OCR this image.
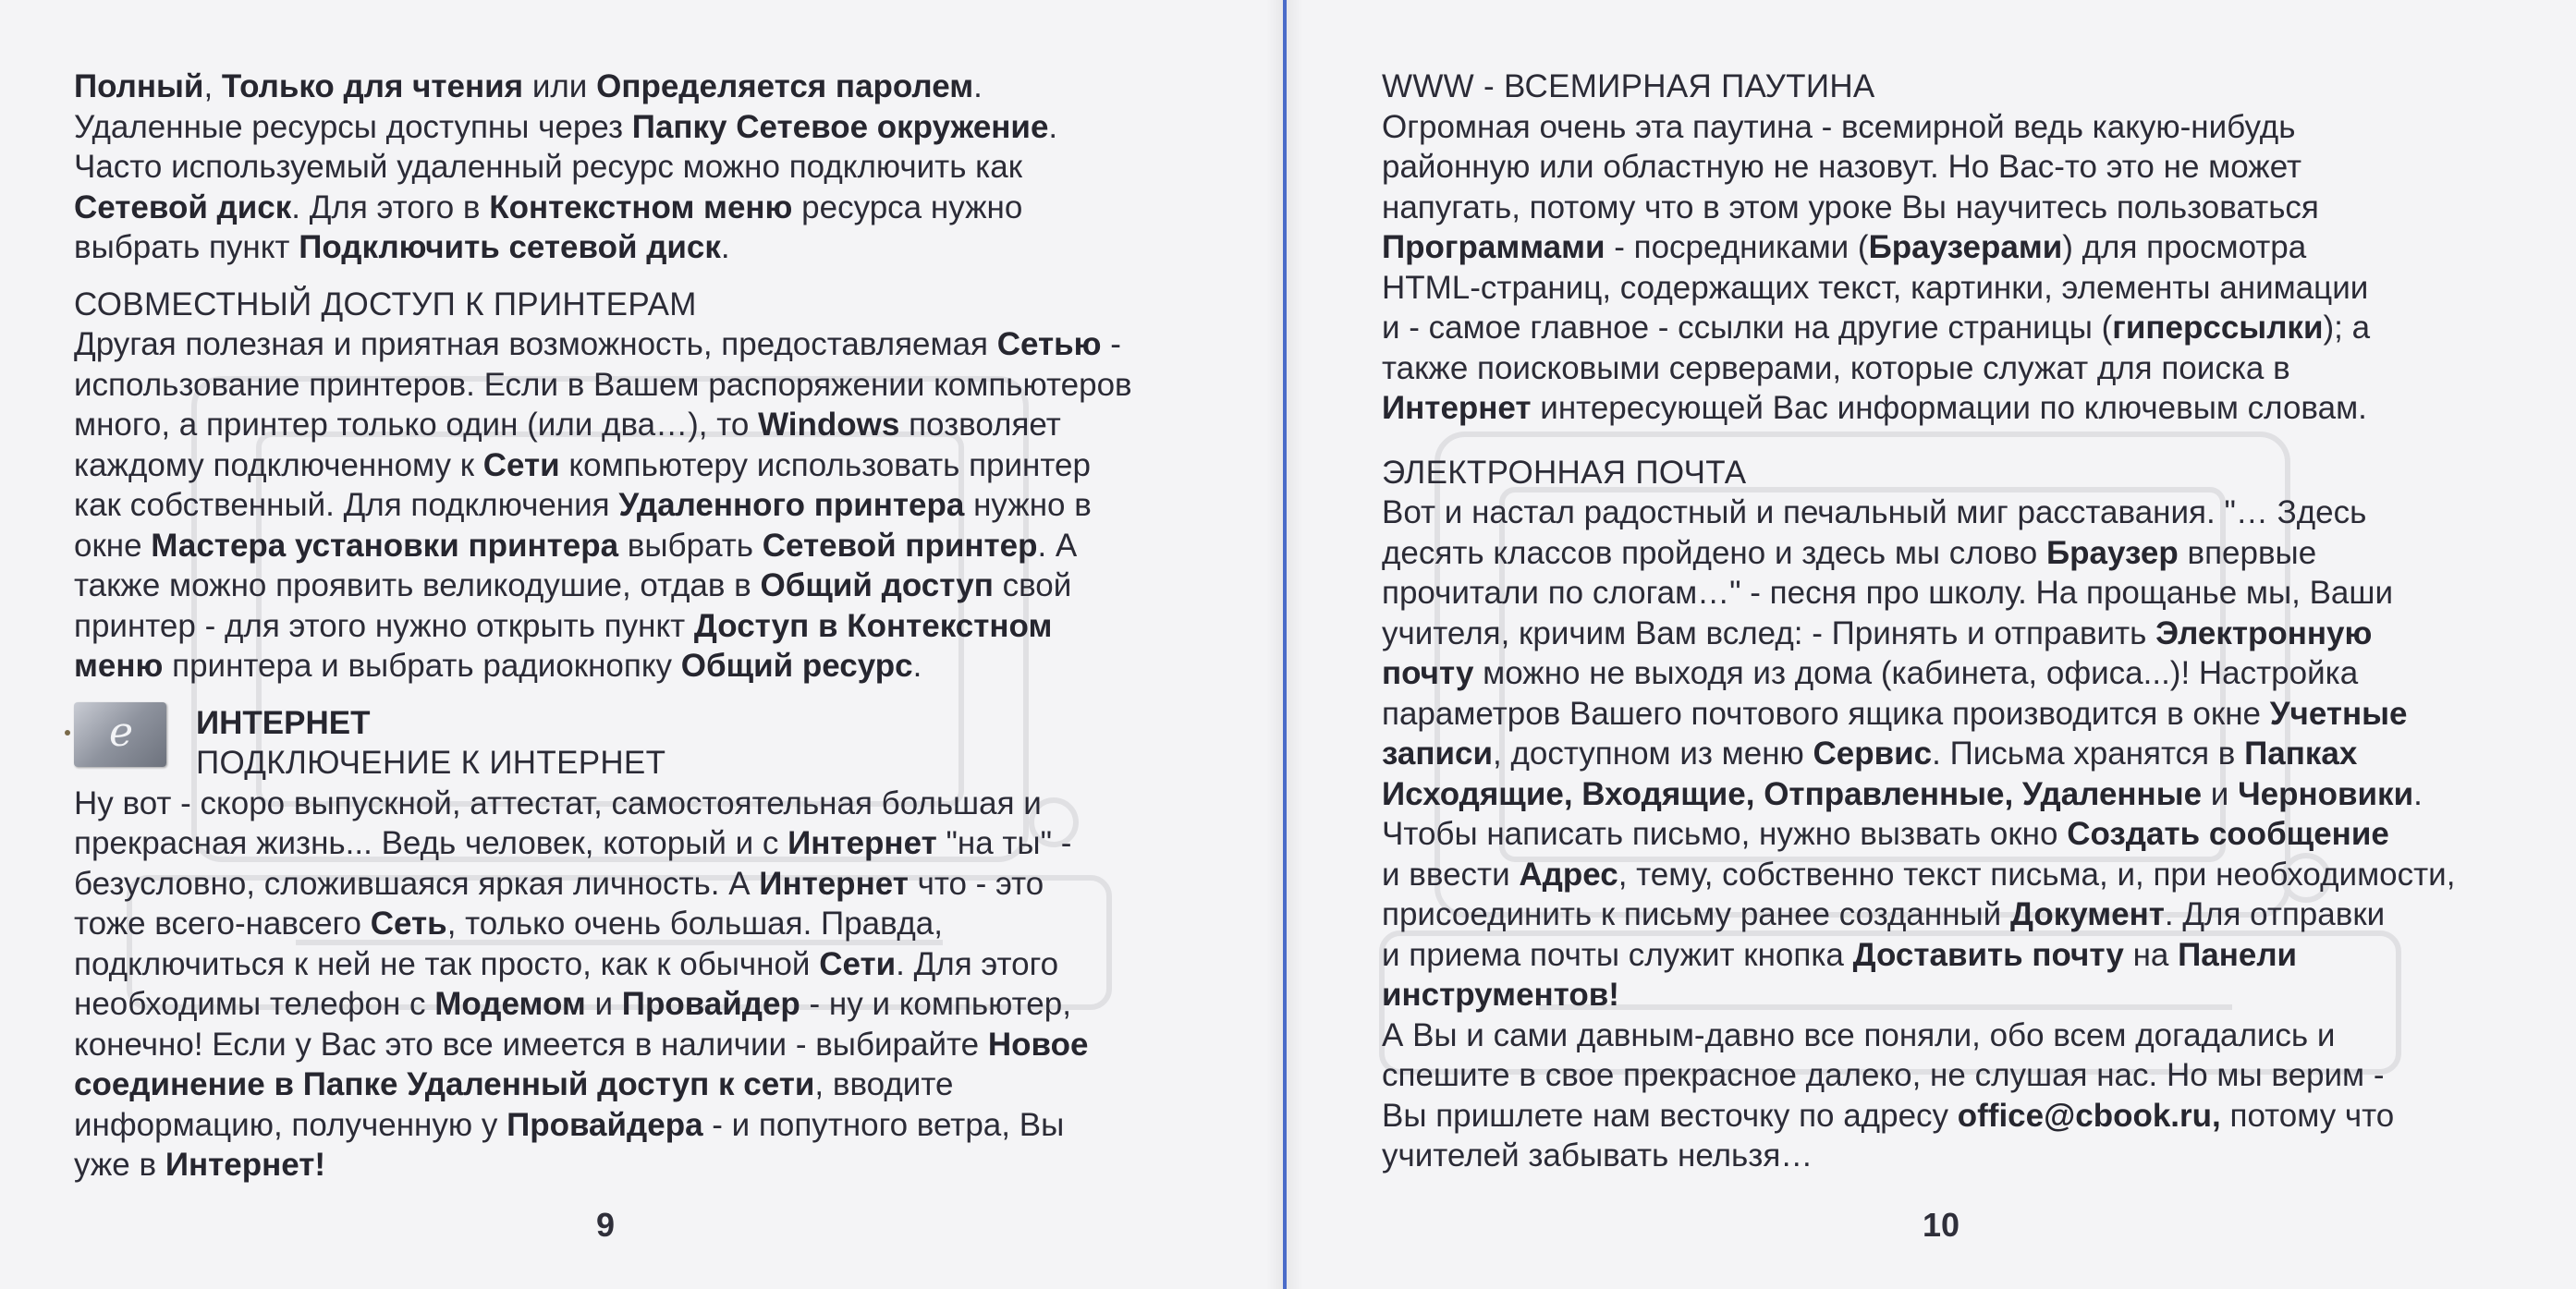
Полный, Только для чтения или Определяется паролем.
Удаленные ресурсы доступны через Папку Сетевое окружение.
Часто используемый удаленный ресурс можно подключить как
Сетевой диск. Для этого в Контекстном меню ресурса нужно
выбрать пункт Подключить сетевой диск.
СОВМЕСТНЫЙ ДОСТУП К ПРИНТЕРАМ
Другая полезная и приятная возможность, предоставляемая Сетью -
использование принтеров. Если в Вашем распоряжении компьютеров
много, а принтер только один (или два…), то Windows позволяет
каждому подключенному к Сети компьютеру использовать принтер
как собственный. Для подключения Удаленного принтера нужно в
окне Мастера установки принтера выбрать Сетевой принтер. А
также можно проявить великодушие, отдав в Общий доступ свой
принтер - для этого нужно открыть пункт Доступ в Контекстном
меню принтера и выбрать радиокнопку Общий ресурс.
ИНТЕРНЕТ
ПОДКЛЮЧЕНИЕ К ИНТЕРНЕТ
Ну вот - скоро выпускной, аттестат, самостоятельная большая и
прекрасная жизнь... Ведь человек, который и с Интернет "на ты" -
безусловно, сложившаяся яркая личность. А Интернет что - это
тоже всего-навсего Сеть, только очень большая. Правда,
подключиться к ней не так просто, как к обычной Сети. Для этого
необходимы телефон с Модемом и Провайдер - ну и компьютер,
конечно! Если у Вас это все имеется в наличии - выбирайте Новое
соединение в Папке Удаленный доступ к сети, вводите
информацию, полученную у Провайдера - и попутного ветра, Вы
уже в Интернет!
e
9
WWW - ВСЕМИРНАЯ ПАУТИНА
Огромная очень эта паутина - всемирной ведь какую-нибудь
районную или областную не назовут. Но Вас-то это не может
напугать, потому что в этом уроке Вы научитесь пользоваться
Программами - посредниками (Браузерами) для просмотра
HTML-страниц, содержащих текст, картинки, элементы анимации
и - самое главное - ссылки на другие страницы (гиперссылки); а
также поисковыми серверами, которые служат для поиска в
Интернет интересующей Вас информации по ключевым словам.
ЭЛЕКТРОННАЯ ПОЧТА
Вот и настал радостный и печальный миг расставания. "… Здесь
десять классов пройдено и здесь мы слово Браузер впервые
прочитали по слогам…" - песня про школу. На прощанье мы, Ваши
учителя, кричим Вам вслед: - Принять и отправить Электронную
почту можно не выходя из дома (кабинета, офиса...)! Настройка
параметров Вашего почтового ящика производится в окне Учетные
записи, доступном из меню Сервис. Письма хранятся в Папках
Исходящие, Входящие, Отправленные, Удаленные и Черновики.
Чтобы написать письмо, нужно вызвать окно Создать сообщение
и ввести Адрес, тему, собственно текст письма, и, при необходимости,
присоединить к письму ранее созданный Документ. Для отправки
и приема почты служит кнопка Доставить почту на Панели
инструментов!
А Вы и сами давным-давно все поняли, обо всем догадались и
спешите в свое прекрасное далеко, не слушая нас. Но мы верим -
Вы пришлете нам весточку по адресу office@cbook.ru, потому что
учителей забывать нельзя…
10
